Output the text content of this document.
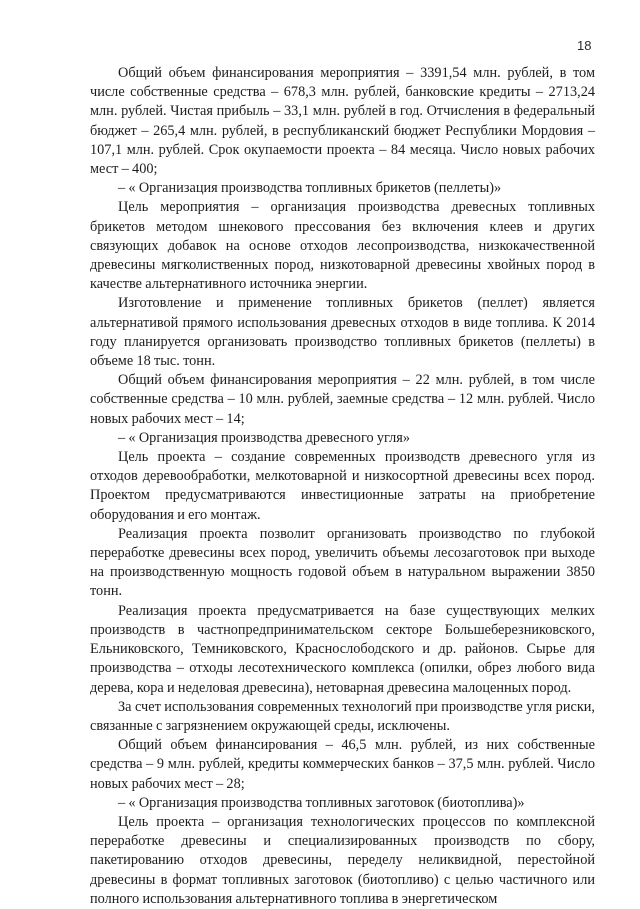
18

Общий объем финансирования мероприятия – 3391,54 млн. рублей, в том числе собственные средства – 678,3 млн. рублей, банковские кредиты – 2713,24 млн. рублей. Чистая прибыль – 33,1 млн. рублей в год. Отчисления в федеральный бюджет – 265,4 млн. рублей, в республиканский бюджет Республики Мордовия – 107,1 млн. рублей. Срок окупаемости проекта – 84 месяца. Число новых рабочих мест – 400;

– « Организация производства топливных брикетов (пеллеты)»

Цель мероприятия – организация производства древесных топливных брикетов методом шнекового прессования без включения клеев и других связующих добавок на основе отходов лесопроизводства, низкокачественной древесины мягколиственных пород, низкотоварной древесины хвойных пород в качестве альтернативного источника энергии.

Изготовление и применение топливных брикетов (пеллет) является альтернативой прямого использования древесных отходов в виде топлива. К 2014 году планируется организовать производство топливных брикетов (пеллеты) в объеме 18 тыс. тонн.

Общий объем финансирования мероприятия – 22 млн. рублей, в том числе собственные средства – 10 млн. рублей, заемные средства – 12 млн. рублей. Число новых рабочих мест – 14;

– « Организация производства древесного угля»

Цель проекта – создание современных производств древесного угля из отходов деревообработки, мелкотоварной и низкосортной древесины всех пород. Проектом предусматриваются инвестиционные затраты на приобретение оборудования и его монтаж.

Реализация проекта позволит организовать производство по глубокой переработке древесины всех пород, увеличить объемы лесозаготовок при выходе на производственную мощность годовой объем в натуральном выражении 3850 тонн.

Реализация проекта предусматривается на базе существующих мелких производств в частнопредпринимательском секторе Большеберезниковского, Ельниковского, Темниковского, Краснослободского и др. районов. Сырье для производства – отходы лесотехнического комплекса (опилки, обрез любого вида дерева, кора и неделовая древесина), нетоварная древесина малоценных пород.

За счет использования современных технологий при производстве угля риски, связанные с загрязнением окружающей среды, исключены.

Общий объем финансирования – 46,5 млн. рублей, из них собственные средства – 9 млн. рублей, кредиты коммерческих банков – 37,5 млн. рублей. Число новых рабочих мест – 28;

– « Организация производства топливных заготовок (биотоплива)»

Цель проекта – организация технологических процессов по комплексной переработке древесины и специализированных производств по сбору, пакетированию отходов древесины, переделу неликвидной, перестойной древесины в формат топливных заготовок (биотопливо) с целью частичного или полного использования альтернативного топлива в энергетическом
